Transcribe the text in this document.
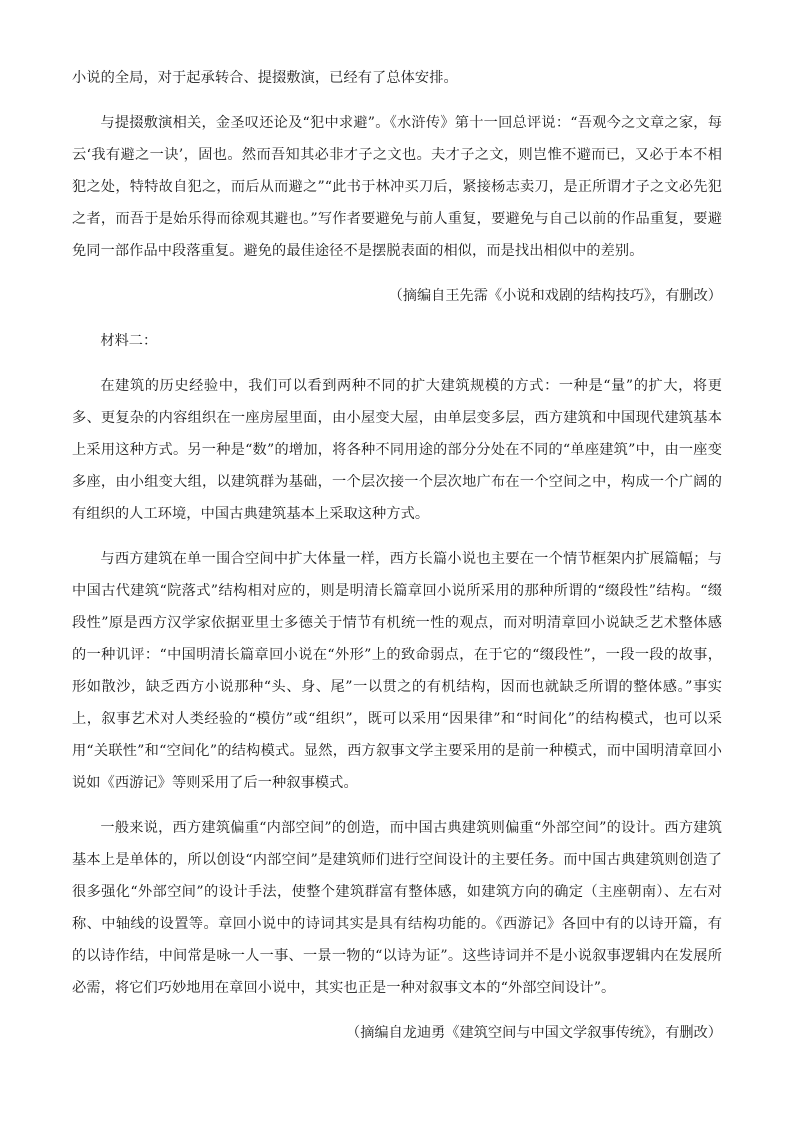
小说的全局，对于起承转合、提掇敷演，已经有了总体安排。

与提掇敷演相关，金圣叹还论及“犯中求避”。《水浒传》第十一回总评说：“吾观今之文章之家，每云‘我有避之一诀’，固也。然而吾知其必非才子之文也。夫才子之文，则岂惟不避而已，又必于本不相犯之处，特特故自犯之，而后从而避之”“此书于林冲买刀后，紧接杨志卖刀，是正所谓才子之文必先犯之者，而吾于是始乐得而徐观其避也。”写作者要避免与前人重复，要避免与自己以前的作品重复，要避免同一部作品中段落重复。避免的最佳途径不是摆脱表面的相似，而是找出相似中的差别。

（摘编自王先霈《小说和戏剧的结构技巧》，有删改）

材料二：

在建筑的历史经验中，我们可以看到两种不同的扩大建筑规模的方式：一种是“量”的扩大，将更多、更复杂的内容组织在一座房屋里面，由小屋变大屋，由单层变多层，西方建筑和中国现代建筑基本上采用这种方式。另一种是“数”的增加，将各种不同用途的部分分处在不同的“单座建筑”中，由一座变多座，由小组变大组，以建筑群为基础，一个层次接一个层次地广布在一个空间之中，构成一个广阔的有组织的人工环境，中国古典建筑基本上采取这种方式。

与西方建筑在单一围合空间中扩大体量一样，西方长篇小说也主要在一个情节框架内扩展篇幅；与中国古代建筑“院落式”结构相对应的，则是明清长篇章回小说所采用的那种所谓的“缀段性”结构。“缀段性”原是西方汉学家依据亚里士多德关于情节有机统一性的观点，而对明清章回小说缺乏艺术整体感的一种讥评：“中国明清长篇章回小说在“外形”上的致命弱点，在于它的“缀段性”，一段一段的故事，形如散沙，缺乏西方小说那种“头、身、尾”一以贯之的有机结构，因而也就缺乏所谓的整体感。”事实上，叙事艺术对人类经验的“模仿”或“组织”，既可以采用“因果律”和“时间化”的结构模式，也可以采用“关联性”和“空间化”的结构模式。显然，西方叙事文学主要采用的是前一种模式，而中国明清章回小说如《西游记》等则采用了后一种叙事模式。

一般来说，西方建筑偏重“内部空间”的创造，而中国古典建筑则偏重“外部空间”的设计。西方建筑基本上是单体的，所以创设“内部空间”是建筑师们进行空间设计的主要任务。而中国古典建筑则创造了很多强化“外部空间”的设计手法，使整个建筑群富有整体感，如建筑方向的确定（主座朝南）、左右对称、中轴线的设置等。章回小说中的诗词其实是具有结构功能的。《西游记》各回中有的以诗开篇，有的以诗作结，中间常是咏一人一事、一景一物的“以诗为证”。这些诗词并不是小说叙事逻辑内在发展所必需，将它们巧妙地用在章回小说中，其实也正是一种对叙事文本的“外部空间设计”。

（摘编自龙迪勇《建筑空间与中国文学叙事传统》，有删改）
